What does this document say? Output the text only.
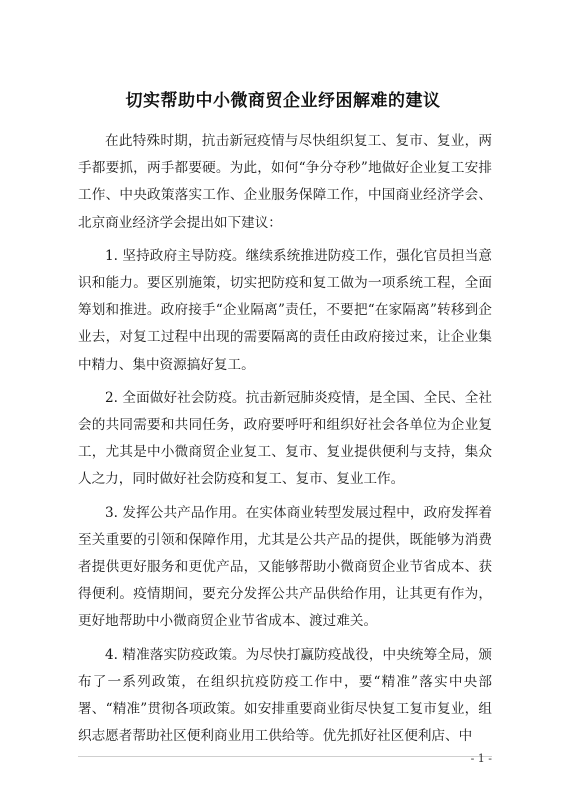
切实帮助中小微商贸企业纾困解难的建议

在此特殊时期，抗击新冠疫情与尽快组织复工、复市、复业，两手都要抓，两手都要硬。为此，如何“争分夺秒”地做好企业复工安排工作、中央政策落实工作、企业服务保障工作，中国商业经济学会、北京商业经济学会提出如下建议：

1. 坚持政府主导防疫。继续系统推进防疫工作，强化官员担当意识和能力。要区别施策，切实把防疫和复工做为一项系统工程，全面筹划和推进。政府接手“企业隔离”责任，不要把“在家隔离”转移到企业去，对复工过程中出现的需要隔离的责任由政府接过来，让企业集中精力、集中资源搞好复工。

2. 全面做好社会防疫。抗击新冠肺炎疫情，是全国、全民、全社会的共同需要和共同任务，政府要呼吁和组织好社会各单位为企业复工，尤其是中小微商贸企业复工、复市、复业提供便利与支持，集众人之力，同时做好社会防疫和复工、复市、复业工作。

3. 发挥公共产品作用。在实体商业转型发展过程中，政府发挥着至关重要的引领和保障作用，尤其是公共产品的提供，既能够为消费者提供更好服务和更优产品，又能够帮助小微商贸企业节省成本、获得便利。疫情期间，要充分发挥公共产品供给作用，让其更有作为，更好地帮助中小微商贸企业节省成本、渡过难关。

4. 精准落实防疫政策。为尽快打赢防疫战役，中央统筹全局，颁布了一系列政策，在组织抗疫防疫工作中，要“精准”落实中央部署、“精准”贯彻各项政策。如安排重要商业街尽快复工复市复业，组织志愿者帮助社区便利商业用工供给等。优先抓好社区便利店、中

- 1 -
